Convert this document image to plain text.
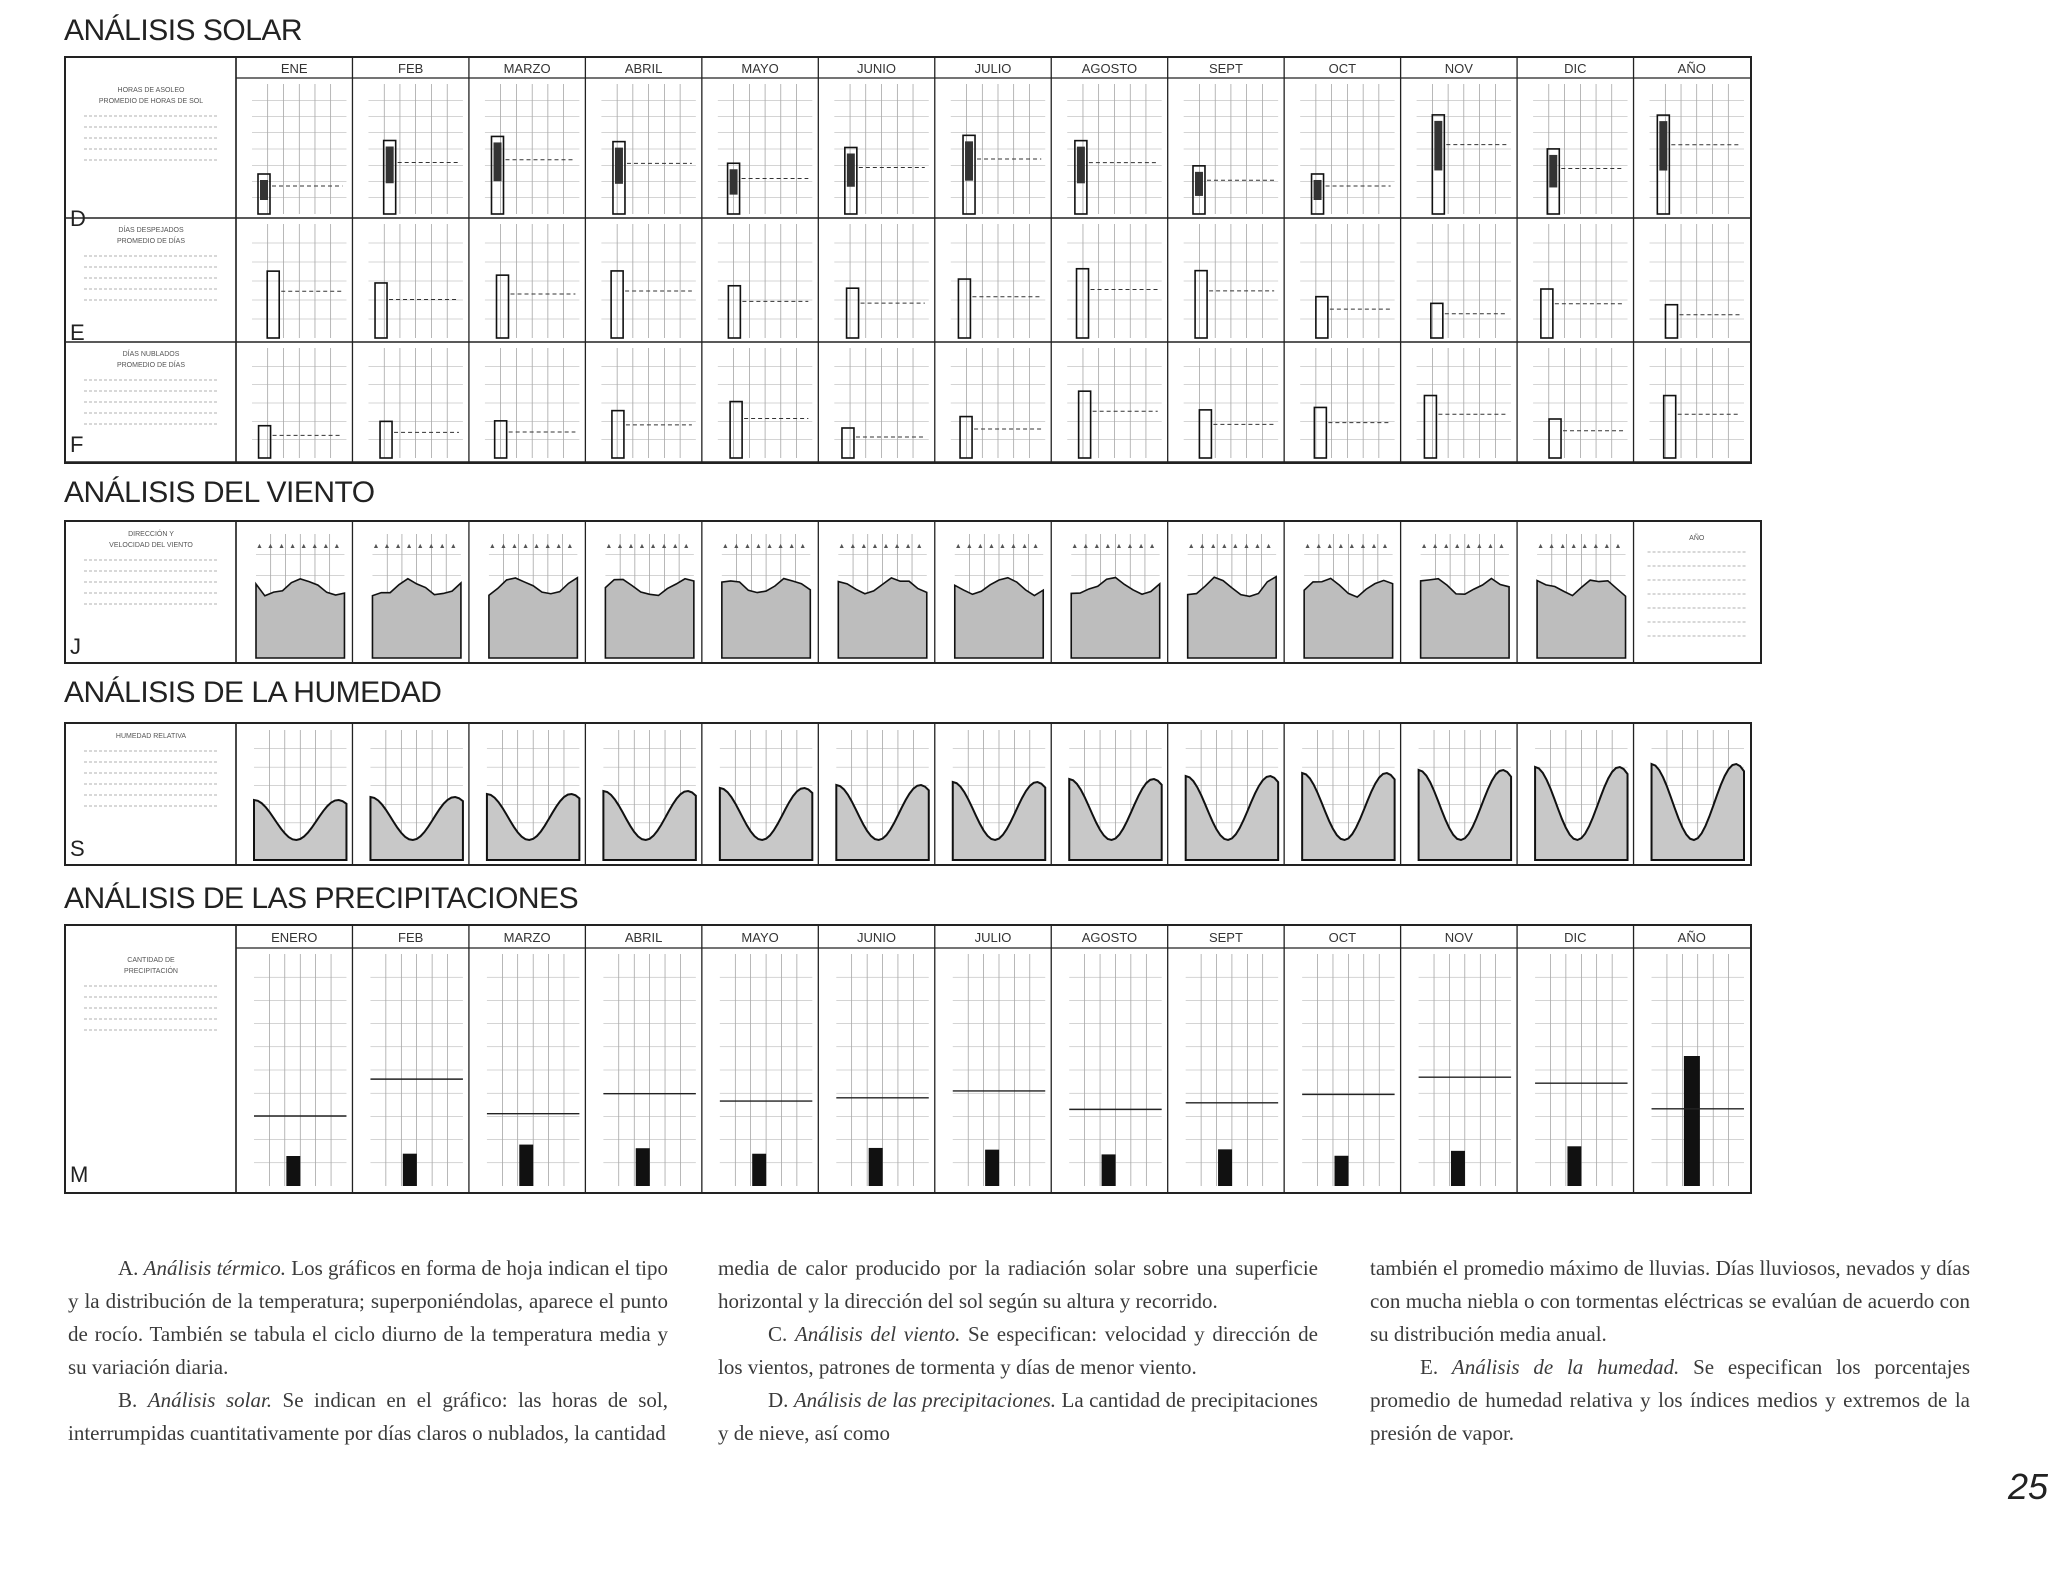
ANÁLISIS SOLAR
ANÁLISIS DEL VIENTO
ANÁLISIS DE LA HUMEDAD
ANÁLISIS DE LAS PRECIPITACIONES
HORAS DE ASOLEO
PROMEDIO DE HORAS DE SOL
DÍAS DESPEJADOS
PROMEDIO DE DÍAS
DÍAS NUBLADOS
PROMEDIO DE DÍAS
ENE	FEB	MARZO	ABRIL	MAYO	JUNIO	JULIO	AGOSTO	SEPT	OCT	NOV	DIC	AÑO
D
E
F
DIRECCIÓN Y
VELOCIDAD DEL VIENTO	▲ ▲ ▲ ▲ ▲ ▲ ▲ ▲	▲ ▲ ▲ ▲ ▲ ▲ ▲ ▲	▲ ▲ ▲ ▲ ▲ ▲ ▲ ▲	▲ ▲ ▲ ▲ ▲ ▲ ▲ ▲	▲ ▲ ▲ ▲ ▲ ▲ ▲ ▲	▲ ▲ ▲ ▲ ▲ ▲ ▲ ▲	▲ ▲ ▲ ▲ ▲ ▲ ▲ ▲	▲ ▲ ▲ ▲ ▲ ▲ ▲ ▲	▲ ▲ ▲ ▲ ▲ ▲ ▲ ▲	▲ ▲ ▲ ▲ ▲ ▲ ▲ ▲	▲ ▲ ▲ ▲ ▲ ▲ ▲ ▲	▲ ▲ ▲ ▲ ▲ ▲ ▲ ▲
AÑO
J
HUMEDAD RELATIVA
S
CANTIDAD DE
PRECIPITACIÓN
ENERO	FEB	MARZO	ABRIL	MAYO	JUNIO	JULIO	AGOSTO	SEPT	OCT	NOV	DIC	AÑO
M

A. Análisis térmico. Los gráficos en forma de hoja indican el tipo y la distribución de la temperatura; superponiéndolas, aparece el punto de rocío. También se tabula el ciclo diurno de la temperatura media y su variación diaria.

B. Análisis solar. Se indican en el gráfico: las horas de sol, interrumpidas cuantitativamente por días claros o nublados, la cantidad

media de calor producido por la radiación solar sobre una superficie horizontal y la dirección del sol según su altura y recorrido.

C. Análisis del viento. Se especifican: velocidad y dirección de los vientos, patrones de tormenta y días de menor viento.

D. Análisis de las precipitaciones. La cantidad de precipitaciones y de nieve, así como

también el promedio máximo de lluvias. Días lluviosos, nevados y días con mucha niebla o con tormentas eléctricas se evalúan de acuerdo con su distribución media anual.

E. Análisis de la humedad. Se especifican los porcentajes promedio de humedad relativa y los índices medios y extremos de la presión de vapor.

25
